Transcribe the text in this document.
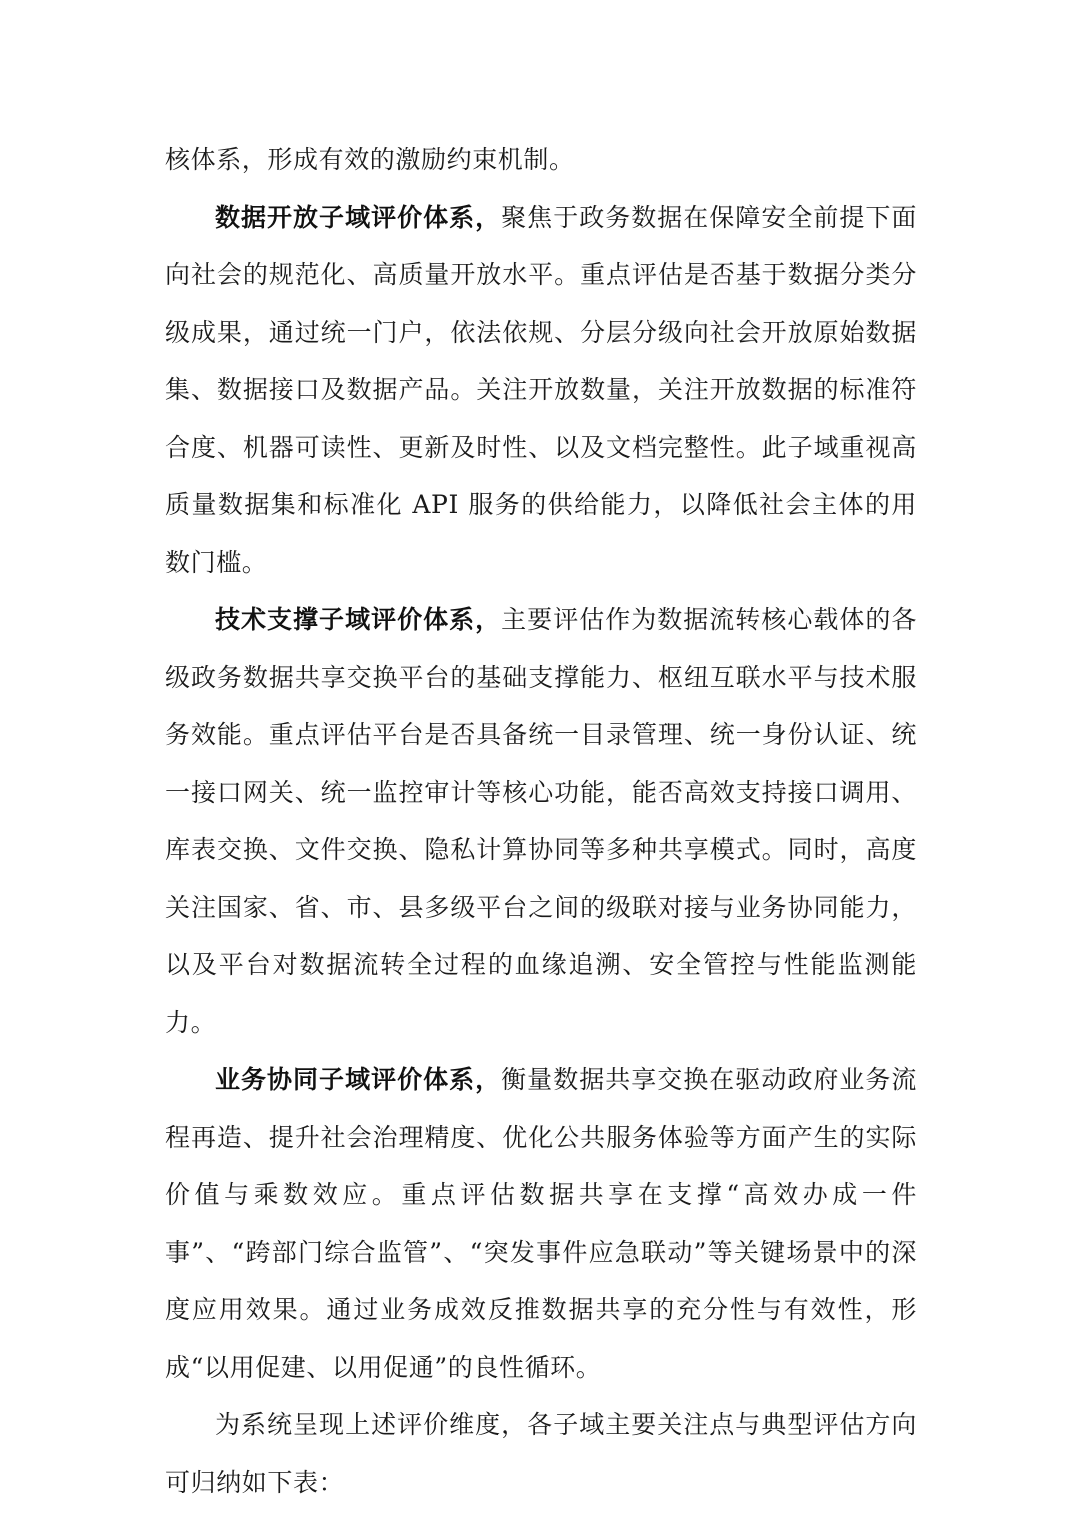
核体系，形成有效的激励约束机制。

数据开放子域评价体系，聚焦于政务数据在保障安全前提下面向社会的规范化、高质量开放水平。重点评估是否基于数据分类分级成果，通过统一门户，依法依规、分层分级向社会开放原始数据集、数据接口及数据产品。关注开放数量，关注开放数据的标准符合度、机器可读性、更新及时性、以及文档完整性。此子域重视高质量数据集和标准化 API 服务的供给能力，以降低社会主体的用数门槛。

技术支撑子域评价体系，主要评估作为数据流转核心载体的各级政务数据共享交换平台的基础支撑能力、枢纽互联水平与技术服务效能。重点评估平台是否具备统一目录管理、统一身份认证、统一接口网关、统一监控审计等核心功能，能否高效支持接口调用、库表交换、文件交换、隐私计算协同等多种共享模式。同时，高度关注国家、省、市、县多级平台之间的级联对接与业务协同能力，以及平台对数据流转全过程的血缘追溯、安全管控与性能监测能力。

业务协同子域评价体系，衡量数据共享交换在驱动政府业务流程再造、提升社会治理精度、优化公共服务体验等方面产生的实际价值与乘数效应。重点评估数据共享在支撑“高效办成一件事”、“跨部门综合监管”、“突发事件应急联动”等关键场景中的深度应用效果。通过业务成效反推数据共享的充分性与有效性，形成“以用促建、以用促通”的良性循环。

为系统呈现上述评价维度，各子域主要关注点与典型评估方向可归纳如下表：
